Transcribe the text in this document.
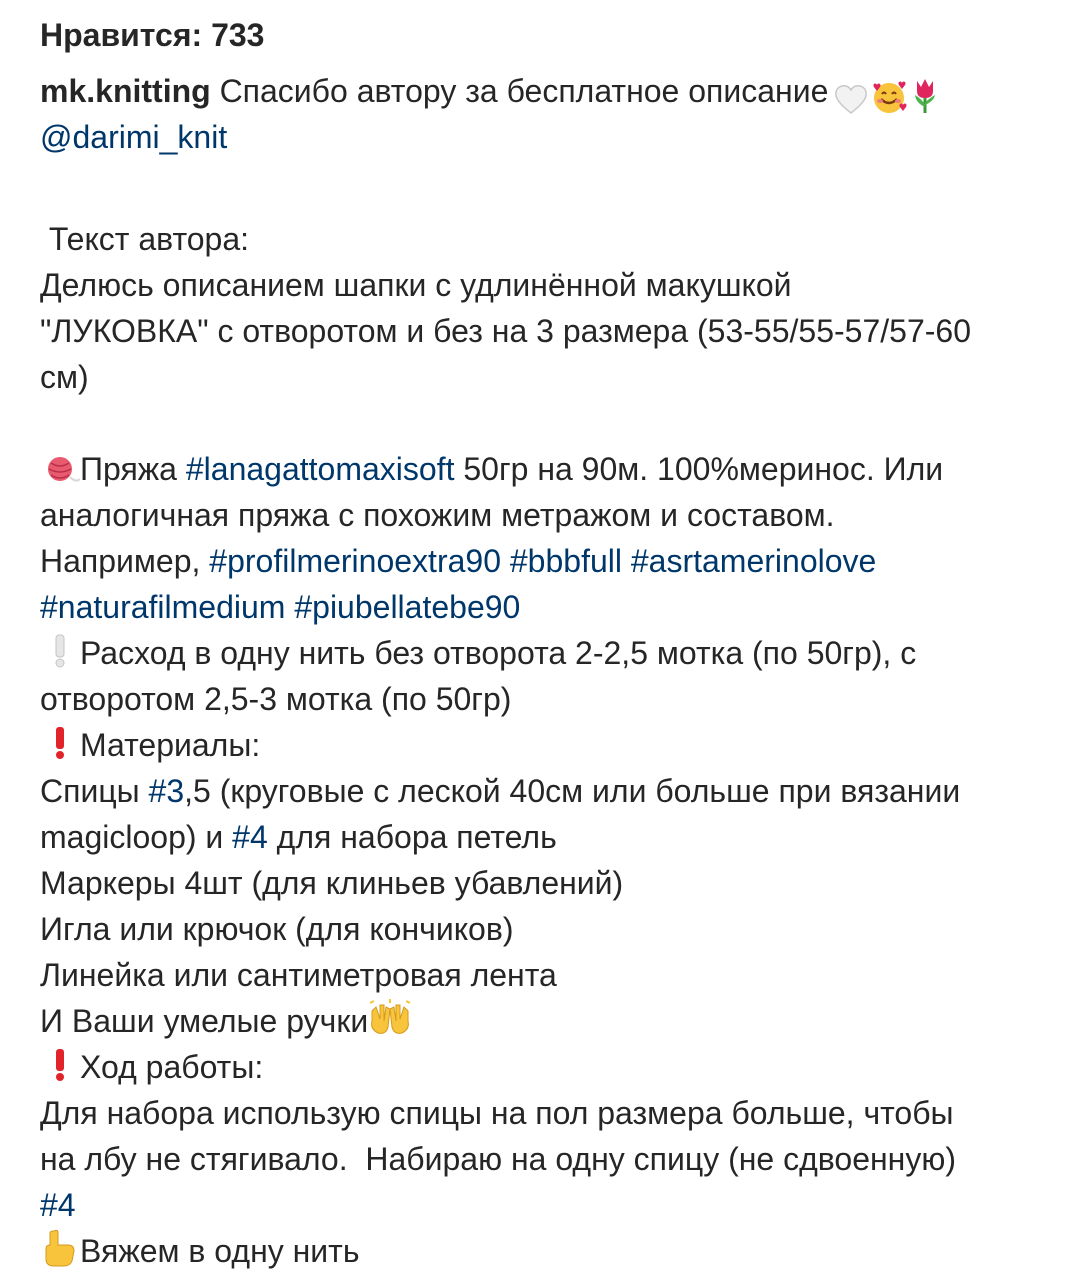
Нравится: 733
mk.knitting Спасибо автору за бесплатное описание
@darimi_knit
Текст автора:
Делюсь описанием шапки с удлинённой макушкой
"ЛУКОВКА" с отворотом и без на 3 размера (53-55/55-57/57-60
см)
Пряжа #lanagattomaxisoft 50гр на 90м. 100%меринос. Или
аналогичная пряжа с похожим метражом и составом.
Например, #profilmerinoextra90 #bbbfull #asrtamerinolove
#naturafilmedium #piubellatebe90
Расход в одну нить без отворота 2-2,5 мотка (по 50гр), с
отворотом 2,5-3 мотка (по 50гр)
Материалы:
Спицы #3,5 (круговые с леской 40см или больше при вязании
magicloop) и #4 для набора петель
Маркеры 4шт (для клиньев убавлений)
Игла или крючок (для кончиков)
Линейка или сантиметровая лента
И Ваши умелые ручки
Ход работы:
Для набора использую спицы на пол размера больше, чтобы
на лбу не стягивало.  Набираю на одну спицу (не сдвоенную)
#4
Вяжем в одну нить
